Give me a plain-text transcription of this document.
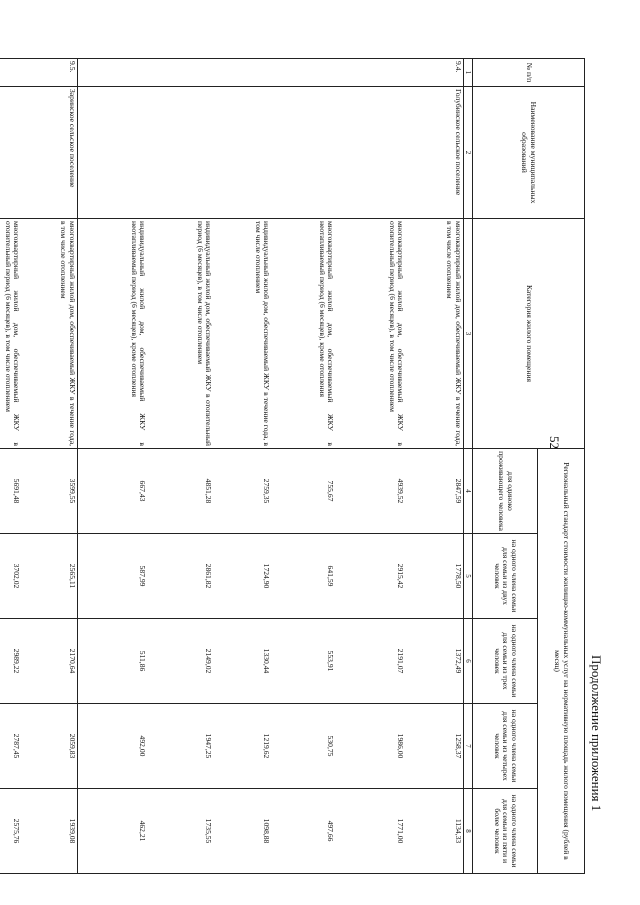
52
Продолжение приложения 1
№ п/п	Наименование муниципальных образований	Категория жилого помещения	Региональный стандарт стоимости жилищно-коммунальных услуг на нормативную площадь жилого помещения (рублей в месяц)				
			для одиноко проживающего человека	на одного члена семьи для семьи из двух человек	на одного члена семьи для семьи из трех человек	на одного члена семьи для семьи из четырех человек	на одного члена семьи для семьи из пяти и более человек
1	2	3	4	5	6	7	8
9.4.	Голубинское сельское поселение	многоквартирный жилой дом, обеспечиваемый ЖКУ в течение года, в том числе отоплением	2847,59	1778,50	1372,49	1258,37	1134,33
		многоквартирный жилой дом, обеспечиваемый ЖКУ в отопительный период (6 месяцев), в том числе отоплением	4939,52	2915,42	2191,07	1986,00	1771,00
		многоквартирный жилой дом, обеспечиваемый ЖКУ в неотапливаемый период (6 месяцев), кроме отопления	755,67	641,59	553,91	530,75	497,66
		индивидуальный жилой дом, обеспечиваемый ЖКУ в течение года, в том числе отоплением	2759,35	1724,90	1330,44	1219,62	1098,88
		индивидуальный жилой дом, обеспечиваемый ЖКУ в отопительный период (6 месяцев), в том числе отоплением	4851,28	2861,82	2149,02	1947,25	1735,55
		индивидуальный жилой дом, обеспечиваемый ЖКУ в неотапливаемый период (6 месяцев), кроме отопления	667,43	587,99	511,86	492,00	462,21
9.5.	Заринское сельское поселение	многоквартирный жилой дом, обеспечиваемый ЖКУ в течение года, в том числе отоплением	3599,55	2565,11	2170,64	2059,83	1939,08
		многоквартирный жилой дом, обеспечиваемый ЖКУ в отопительный период (6 месяцев), в том числе отоплением	5691,48	3702,02	2989,22	2787,45	2575,76
